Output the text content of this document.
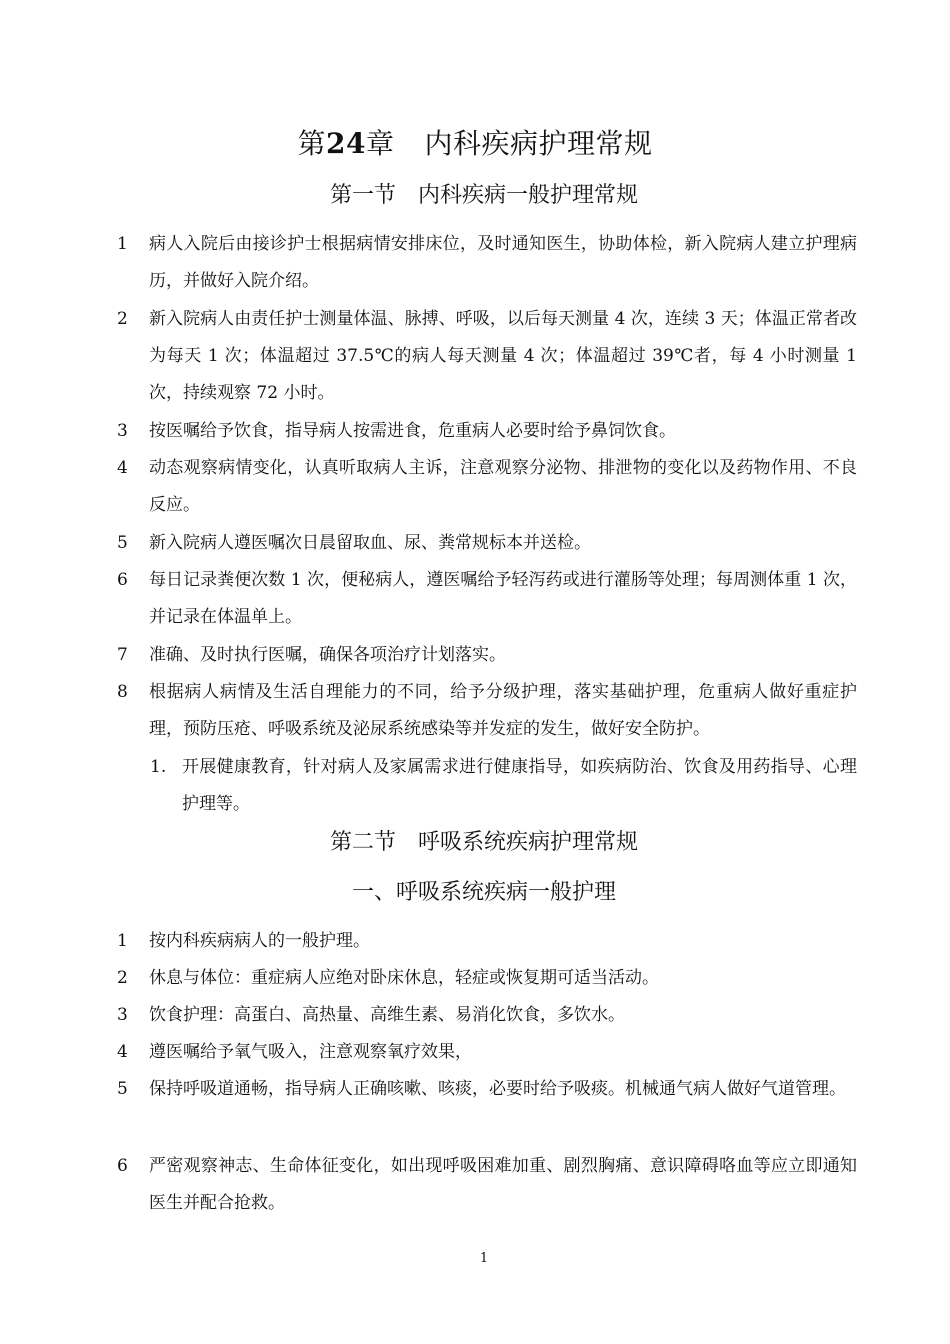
第24章 内科疾病护理常规
第一节　内科疾病一般护理常规
1	病人入院后由接诊护士根据病情安排床位，及时通知医生，协助体检，新入院病人建立护理病历，并做好入院介绍。
2	新入院病人由责任护士测量体温、脉搏、呼吸，以后每天测量 4 次，连续 3 天；体温正常者改为每天 1 次；体温超过 37.5℃的病人每天测量 4 次；体温超过 39℃者，每 4 小时测量 1 次，持续观察 72 小时。
3	按医嘱给予饮食，指导病人按需进食，危重病人必要时给予鼻饲饮食。
4	动态观察病情变化，认真听取病人主诉，注意观察分泌物、排泄物的变化以及药物作用、不良反应。
5	新入院病人遵医嘱次日晨留取血、尿、粪常规标本并送检。
6	每日记录粪便次数 1 次，便秘病人，遵医嘱给予轻泻药或进行灌肠等处理；每周测体重 1 次，并记录在体温单上。
7	准确、及时执行医嘱，确保各项治疗计划落实。
8	根据病人病情及生活自理能力的不同，给予分级护理，落实基础护理，危重病人做好重症护理，预防压疮、呼吸系统及泌尿系统感染等并发症的发生，做好安全防护。
1. 开展健康教育，针对病人及家属需求进行健康指导，如疾病防治、饮食及用药指导、心理护理等。
第二节　呼吸系统疾病护理常规
一、呼吸系统疾病一般护理
1	按内科疾病病人的一般护理。
2	休息与体位：重症病人应绝对卧床休息，轻症或恢复期可适当活动。
3	饮食护理：高蛋白、高热量、高维生素、易消化饮食，多饮水。
4	遵医嘱给予氧气吸入，注意观察氧疗效果，
5	保持呼吸道通畅，指导病人正确咳嗽、咳痰，必要时给予吸痰。机械通气病人做好气道管理。
6	严密观察神志、生命体征变化，如出现呼吸困难加重、剧烈胸痛、意识障碍咯血等应立即通知医生并配合抢救。
1
